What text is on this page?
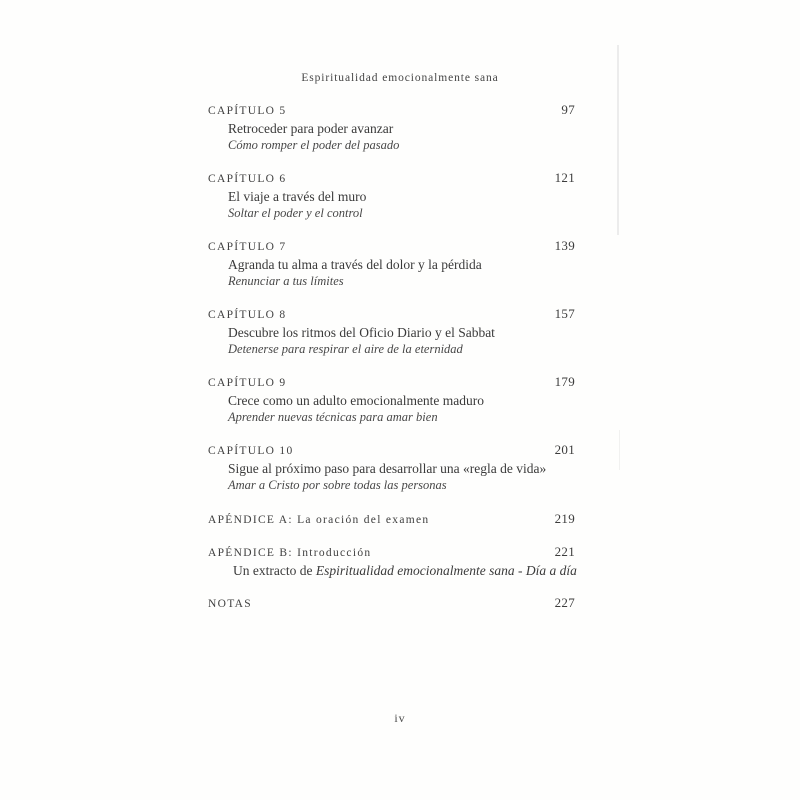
Espiritualidad emocionalmente sana
CAPÍTULO 5	97
Retroceder para poder avanzar
Cómo romper el poder del pasado
CAPÍTULO 6	121
El viaje a través del muro
Soltar el poder y el control
CAPÍTULO 7	139
Agranda tu alma a través del dolor y la pérdida
Renunciar a tus límites
CAPÍTULO 8	157
Descubre los ritmos del Oficio Diario y el Sabbat
Detenerse para respirar el aire de la eternidad
CAPÍTULO 9	179
Crece como un adulto emocionalmente maduro
Aprender nuevas técnicas para amar bien
CAPÍTULO 10	201
Sigue al próximo paso para desarrollar una «regla de vida»
Amar a Cristo por sobre todas las personas
APÉNDICE A: La oración del examen	219
APÉNDICE B: Introducción	221
Un extracto de Espiritualidad emocionalmente sana - Día a día
NOTAS	227
iv
